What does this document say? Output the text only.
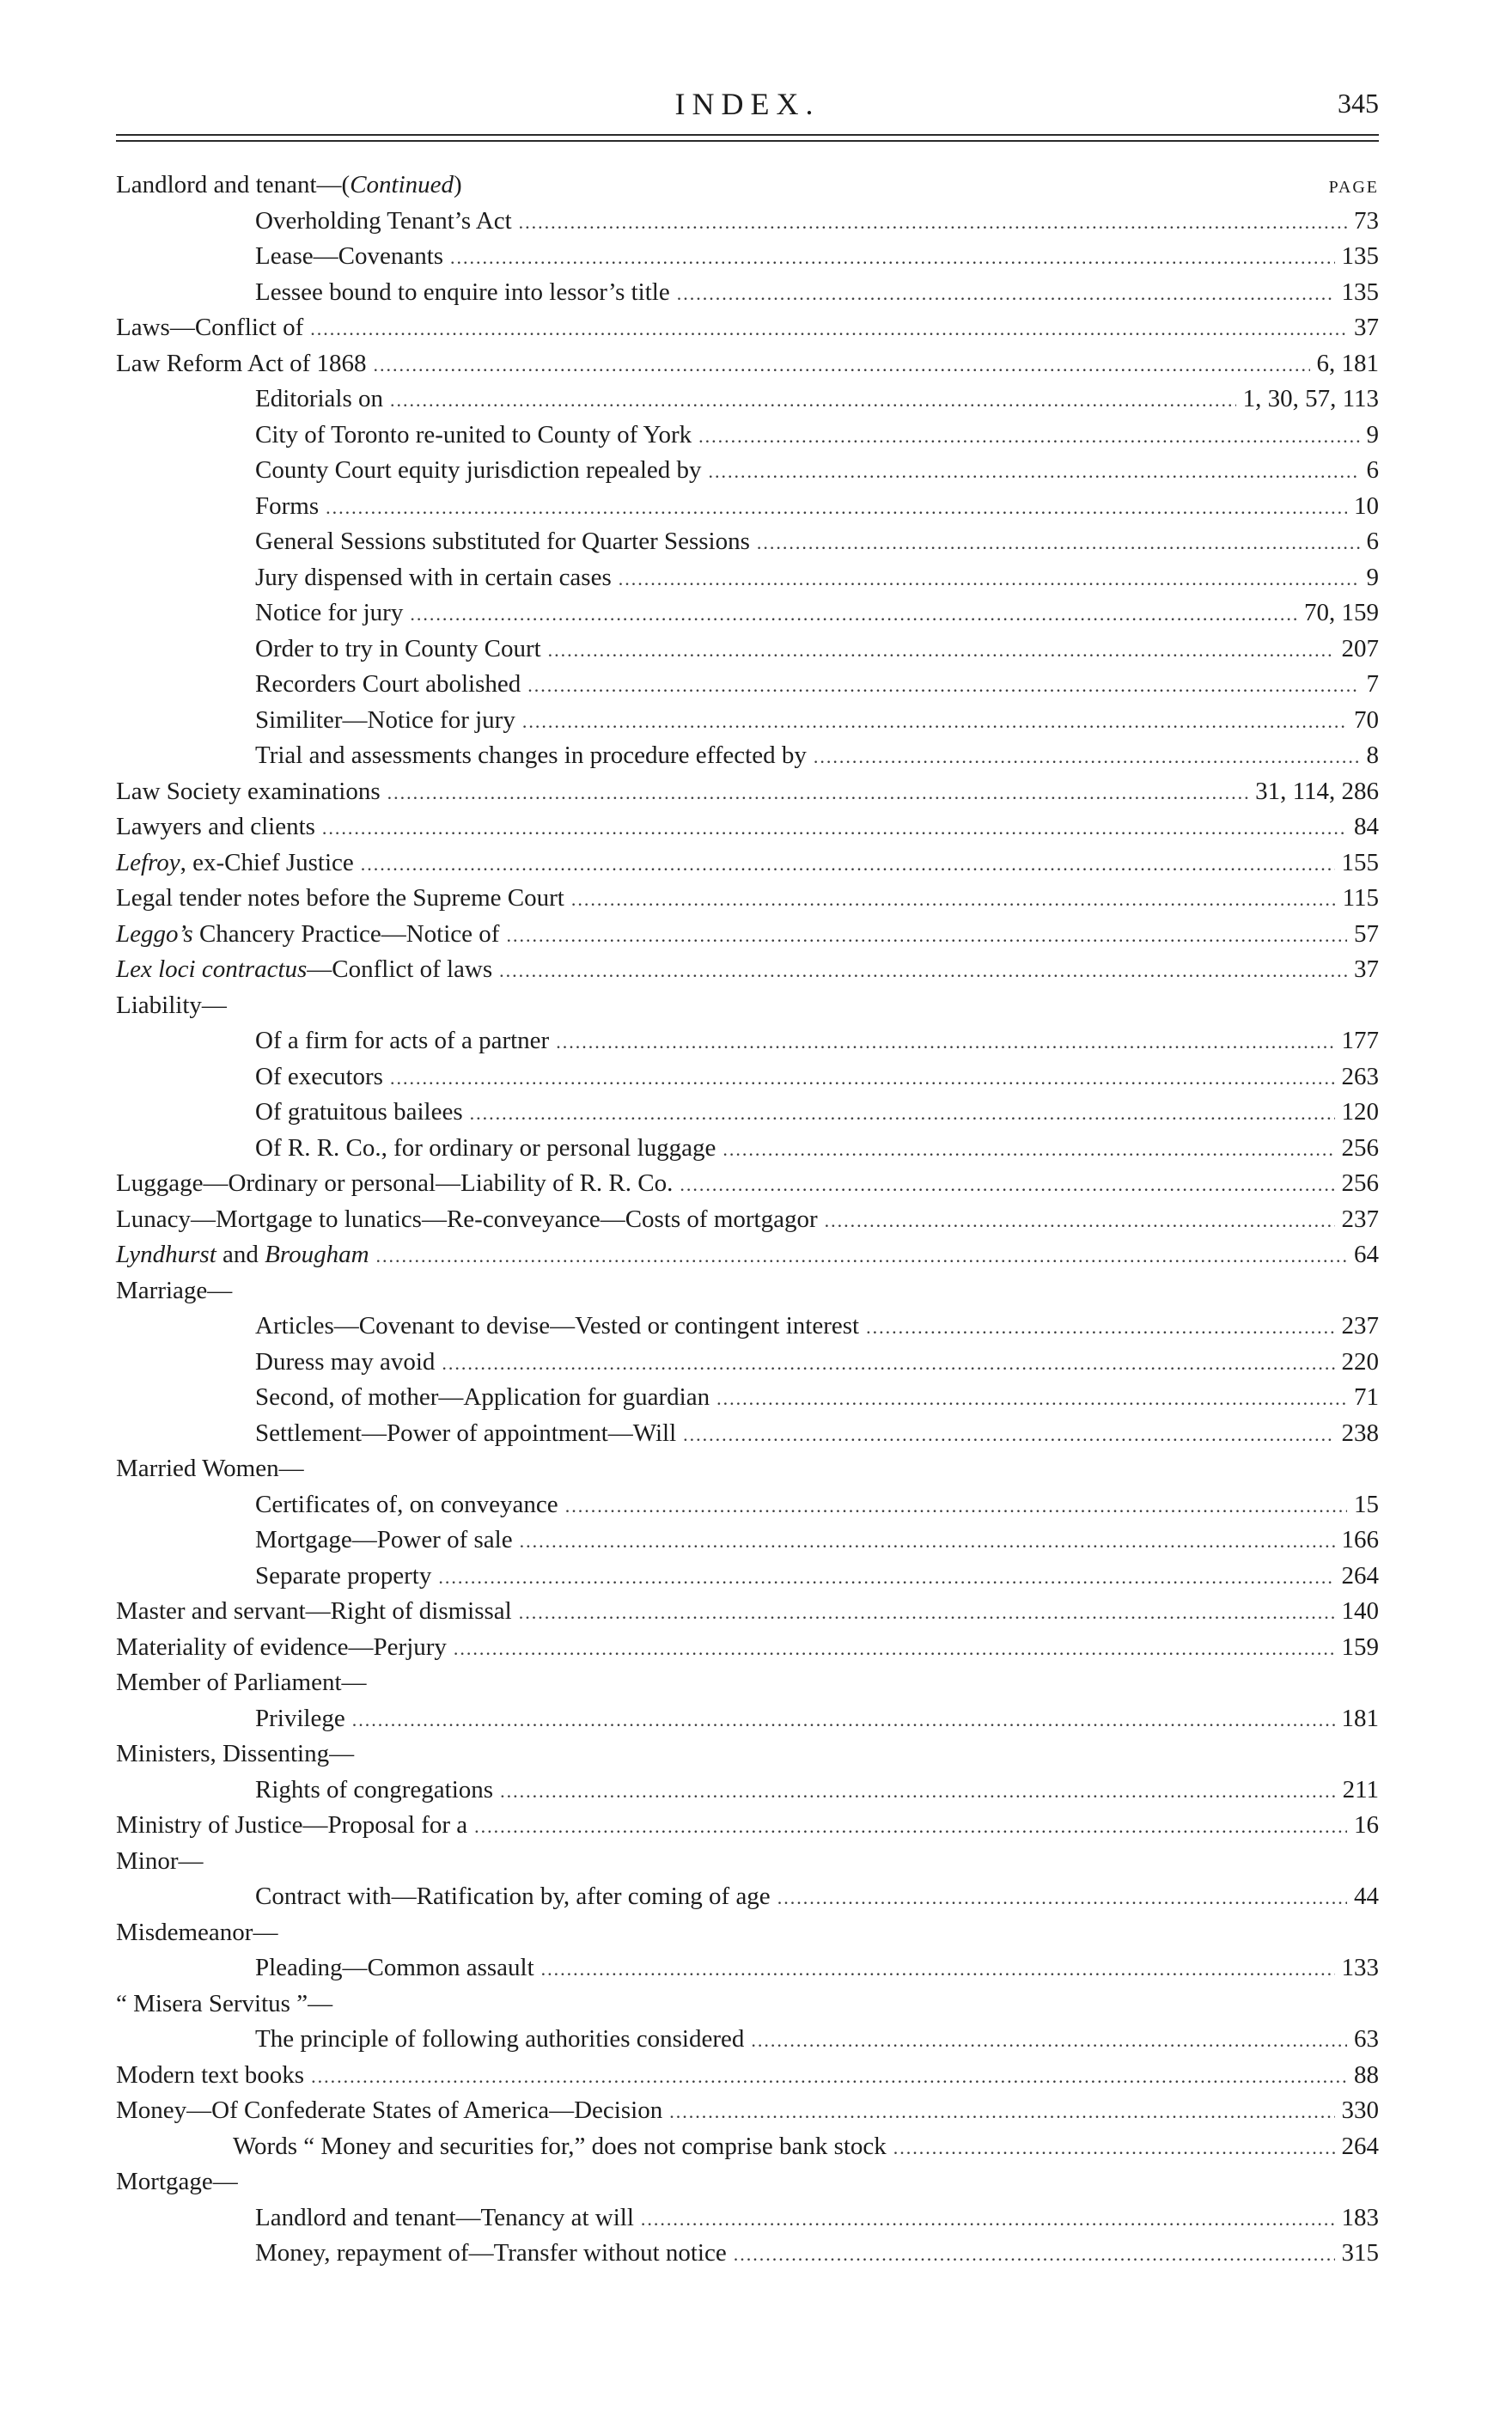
INDEX.	345
Landlord and tenant—(Continued)	PAGE
Overholding Tenant’s Act .....	73
Lease—Covenants .....	135
Lessee bound to enquire into lessor’s title .....	135
Laws—Conflict of .....	37
Law Reform Act of 1868 .....	6, 181
Editorials on .....	1, 30, 57, 113
City of Toronto re-united to County of York .....	9
County Court equity jurisdiction repealed by .....	6
Forms .....	10
General Sessions substituted for Quarter Sessions .....	6
Jury dispensed with in certain cases .....	9
Notice for jury .....	70, 159
Order to try in County Court .....	207
Recorders Court abolished .....	7
Similiter—Notice for jury .....	70
Trial and assessments changes in procedure effected by .....	8
Law Society examinations .....	31, 114, 286
Lawyers and clients .....	84
Lefroy, ex-Chief Justice .....	155
Legal tender notes before the Supreme Court .....	115
Leggo’s Chancery Practice—Notice of .....	57
Lex loci contractus—Conflict of laws .....	37
Liability—
Of a firm for acts of a partner .....	177
Of executors .....	263
Of gratuitous bailees .....	120
Of R. R. Co., for ordinary or personal luggage .....	256
Luggage—Ordinary or personal—Liability of R. R. Co. .....	256
Lunacy—Mortgage to lunatics—Re-conveyance—Costs of mortgagor .....	237
Lyndhurst and Brougham .....	64
Marriage—
Articles—Covenant to devise—Vested or contingent interest .....	237
Duress may avoid .....	220
Second, of mother—Application for guardian .....	71
Settlement—Power of appointment—Will .....	238
Married Women—
Certificates of, on conveyance .....	15
Mortgage—Power of sale .....	166
Separate property .....	264
Master and servant—Right of dismissal .....	140
Materiality of evidence—Perjury .....	159
Member of Parliament—
Privilege .....	181
Ministers, Dissenting—
Rights of congregations .....	211
Ministry of Justice—Proposal for a .....	16
Minor—
Contract with—Ratification by, after coming of age .....	44
Misdemeanor—
Pleading—Common assault .....	133
“ Misera Servitus ”—
The principle of following authorities considered .....	63
Modern text books .....	88
Money—Of Confederate States of America—Decision .....	330
Words “ Money and securities for,” does not comprise bank stock .....	264
Mortgage—
Landlord and tenant—Tenancy at will .....	183
Money, repayment of—Transfer without notice .....	315
